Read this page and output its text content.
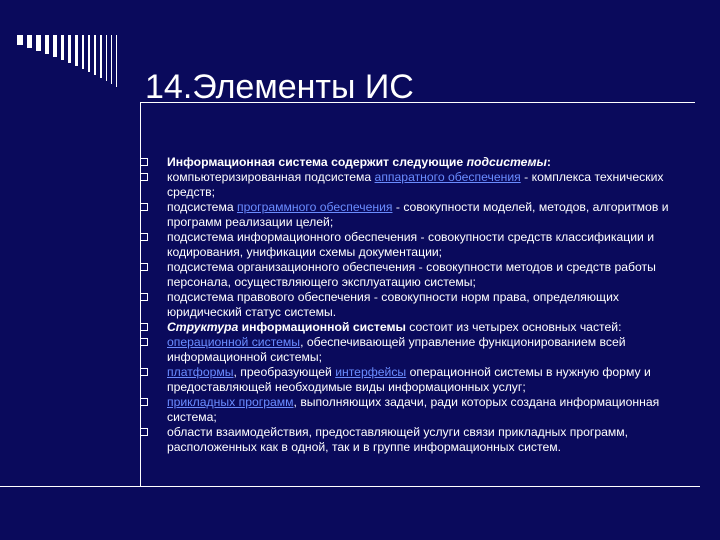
14.Элементы ИС
Информационная система содержит следующие подсистемы:
компьютеризированная подсистема аппаратного обеспечения - комплекса технических средств;
подсистема программного обеспечения - совокупности моделей, методов, алгоритмов и программ реализации целей;
подсистема информационного обеспечения - совокупности средств классификации и кодирования, унификации схемы документации;
подсистема организационного обеспечения - совокупности методов и средств работы персонала, осуществляющего эксплуатацию системы;
подсистема правового обеспечения - совокупности норм права, определяющих юридический статус системы.
Структура информационной системы состоит из четырех основных частей:
операционной системы, обеспечивающей управление функционированием всей информационной системы;
платформы, преобразующей интерфейсы операционной системы в нужную форму и предоставляющей необходимые виды информационных услуг;
прикладных программ, выполняющих задачи, ради которых создана информационная система;
области взаимодействия, предоставляющей услуги связи прикладных программ, расположенных как в одной, так и в группе информационных систем.
